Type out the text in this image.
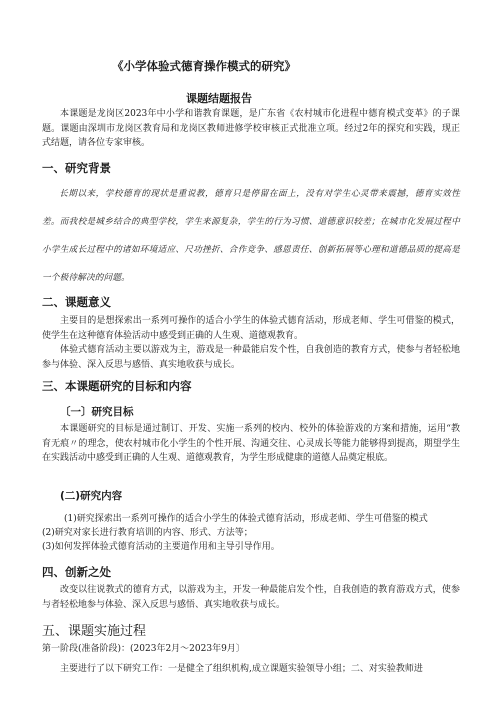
《小学体验式德育操作模式的研究》
课题结题报告

本课题是龙岗区2023年中小学和谐教育课题，是广东省《农村城市化进程中德育模式变革》的子课题。课题由深圳市龙岗区教育局和龙岗区教师进修学校审核正式批准立项。经过2年的探究和实践，现正式结题，请各位专家审核。

一、研究背景

长期以来，学校德育的现状是重说教，德育只是停留在面上，没有对学生心灵带来震撼，德育实效性差。而我校是城乡结合的典型学校，学生来源复杂，学生的行为习惯、道德意识较差；在城市化发展过程中小学生成长过程中的诸如环境适应、尺功挫折、合作竞争、感恩责任、创新拓展等心理和道德品质的提高是一个极待解决的问题。

二、课题意义

主要目的是想探索出一系列可操作的适合小学生的体验式德育活动，形成老师、学生可借鉴的模式，使学生在这种德育体验活动中感受到正确的人生观、道德观教育。

体验式德育活动主要以游戏为主，游戏是一种最能启发个性，自我创造的教育方式，使参与者轻松地参与体验、深入反思与感悟、真实地收获与成长。

三、本课题研究的目标和内容

〔一〕研究目标

本课题研究的目标是通过制订、开发、实施一系列的校内、校外的体验游戏的方案和措施，运用“教育无痕〃的理念，使农村城市化小学生的个性开展、沟通交往、心灵成长等能力能够得到提高，期望学生在实践活动中感受到正确的人生观、道德观教育，为学生形成健康的道德人品奠定根底。

(二)研究内容

(1)研究探索出一系列可操作的适合小学生的体验式德育活动，形成老师、学生可借鉴的模式

(2)研究对家长进行教育培训的内容、形式、方法等；

(3)如何发挥体验式德育活动的主要道作用和主导引导作用。

四、创新之处

改变以往说教式的德育方式，以游戏为主，开发一种最能启发个性，自我创造的教育游戏方式，使参与者轻松地参与体验、深入反思与感悟、真实地收获与成长。

五、课题实施过程

第一阶段(准备阶段)：(2023年2月～2023年9月〕

主要进行了以下研究工作：一是健全了组织机构,成立课题实验领导小组；二、对实验教师进
